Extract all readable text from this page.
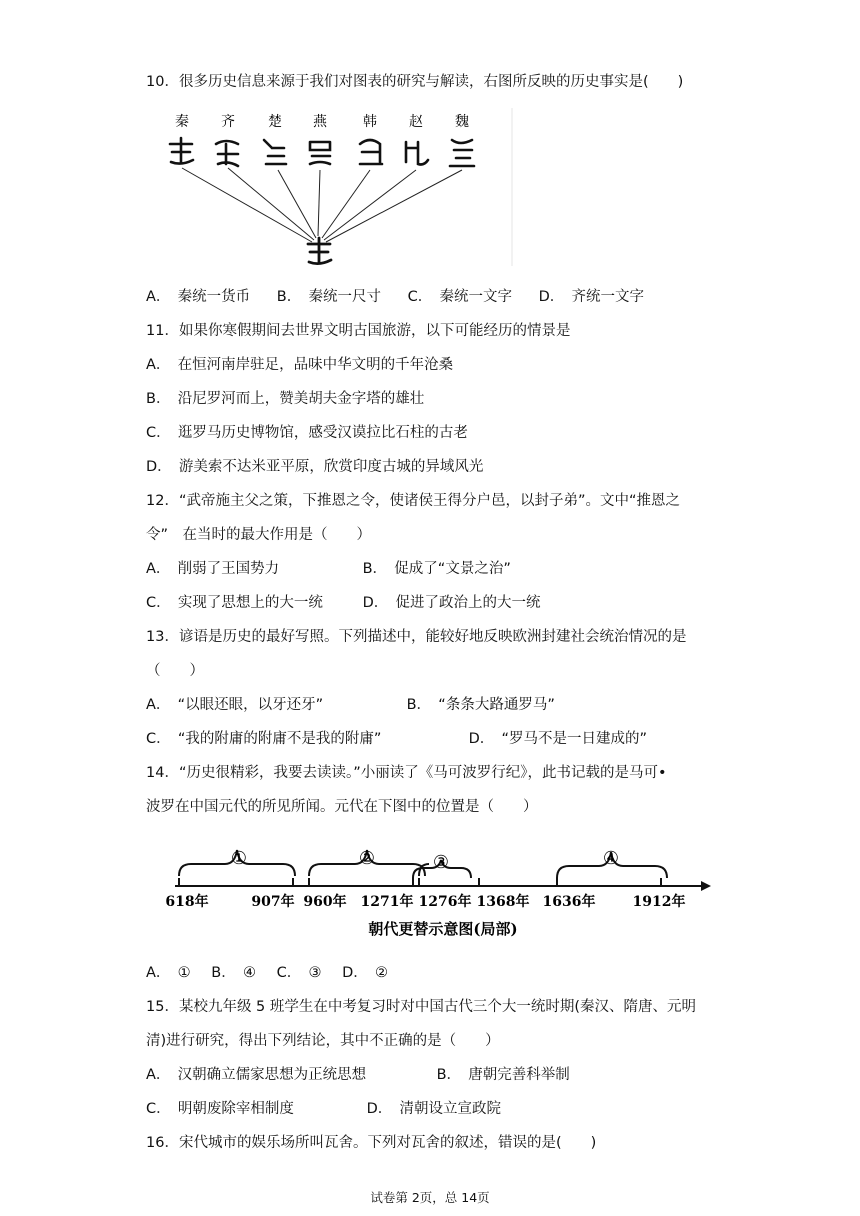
10．很多历史信息来源于我们对图表的研究与解读，右图所反映的历史事实是(　　)
秦 齐 楚 燕	韩 赵 魏
A．　秦统一货币 B．　秦统一尺寸 C．　秦统一文字 D．　齐统一文字
11．如果你寒假期间去世界文明古国旅游，以下可能经历的情景是
A．　在恒河南岸驻足，品味中华文明的千年沧桑
B．　沿尼罗河而上，赞美胡夫金字塔的雄壮
C．　逛罗马历史博物馆，感受汉谟拉比石柱的古老
D．　游美索不达米亚平原，欣赏印度古城的异域风光
12．“武帝施主父之策，下推恩之令，使诸侯王得分户邑，以封子弟”。文中“推恩之
令”　在当时的最大作用是（　　）
A．　削弱了王国势力	B．　促成了“文景之治”
C．　实现了思想上的大一统	D．　促进了政治上的大一统
13．谚语是历史的最好写照。下列描述中，能较好地反映欧洲封建社会统治情况的是
（　　）
A．　“以眼还眼，以牙还牙”	B．　“条条大路通罗马”
C．　“我的附庸的附庸不是我的附庸”	D．　“罗马不是一日建成的”
14．“历史很精彩，我要去读读。”小丽读了《马可波罗行纪》，此书记载的是马可•
波罗在中国元代的所见所闻。元代在下图中的位置是（　　）
①	②	③	④
618年	907年 960年 1271年 1276年 1368年 1636年	1912年
朝代更替示意图(局部)
A．　① B．　④ C．　③ D．　②
15．某校九年级 5 班学生在中考复习时对中国古代三个大一统时期(秦汉、隋唐、元明
清)进行研究，得出下列结论，其中不正确的是（　　）
A．　汉朝确立儒家思想为正统思想	B．　唐朝完善科举制
C．　明朝废除宰相制度	D．　清朝设立宣政院
16．宋代城市的娱乐场所叫瓦舍。下列对瓦舍的叙述，错误的是(　　)
试卷第 2页，总 14页
